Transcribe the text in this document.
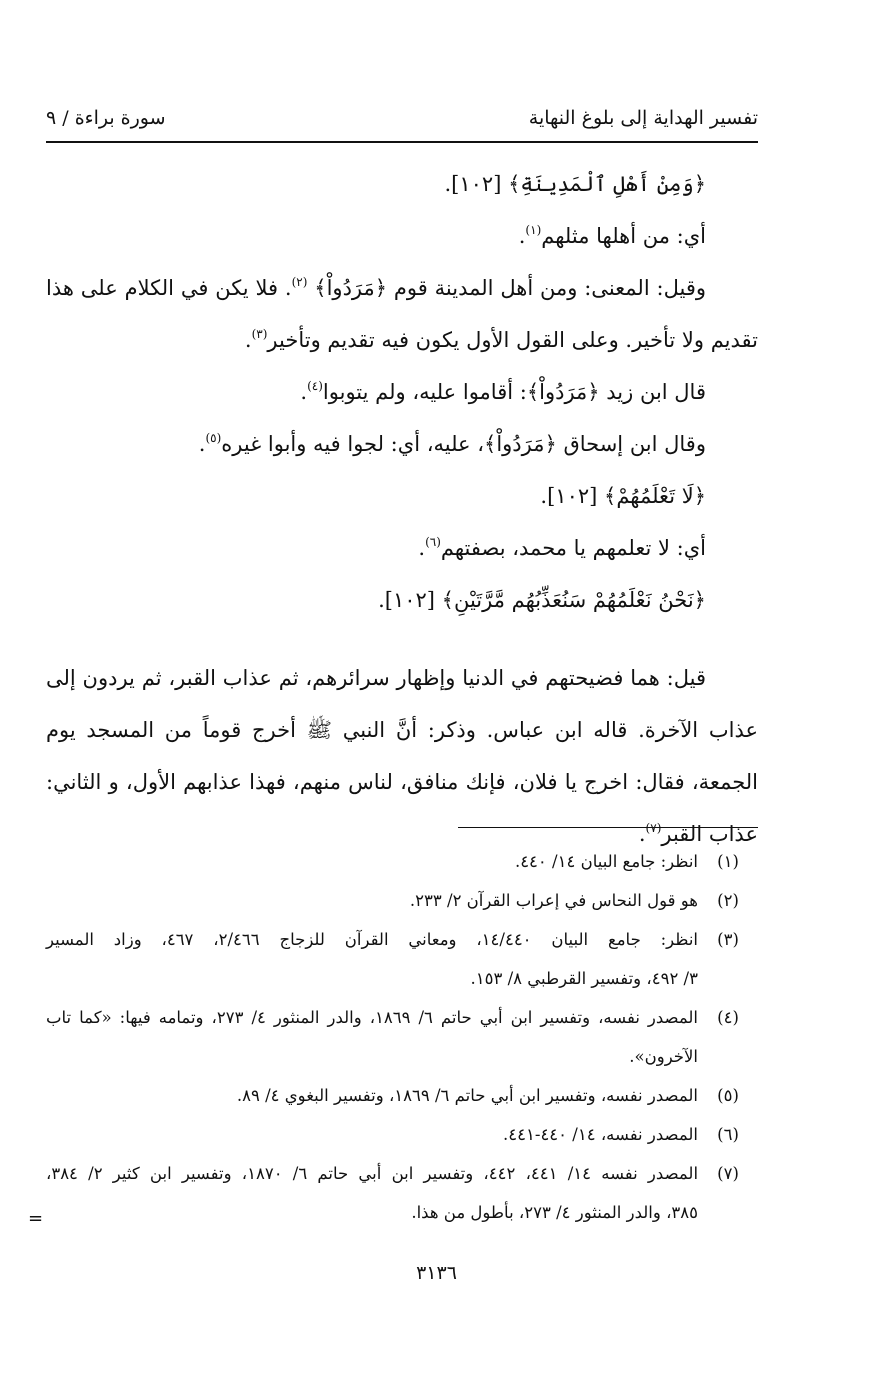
تفسير الهداية إلى بلوغ النهاية
سورة براءة / ٩
﴿وَمِنْ أَهْلِ ٱلْمَدِينَةِ﴾ [١٠٢].
أي: من أهلها مثلهم$^{(١)}$.
وقيل: المعنى: ومن أهل المدينة قوم ﴿مَرَدُواْ﴾ $^{(٢)}$. فلا يكن في الكلام على هذا
تقديم ولا تأخير. وعلى القول الأول يكون فيه تقديم وتأخير$^{(٣)}$.
قال ابن زيد ﴿مَرَدُواْ﴾: أقاموا عليه، ولم يتوبوا$^{(٤)}$.
وقال ابن إسحاق ﴿مَرَدُواْ﴾، عليه، أي: لجوا فيه وأبوا غيره$^{(٥)}$.
﴿لَا تَعْلَمُهُمْ﴾ [١٠٢].
أي: لا تعلمهم يا محمد، بصفتهم$^{(٦)}$.
﴿نَحْنُ نَعْلَمُهُمْ سَنُعَذِّبُهُم مَّرَّتَيْنِ﴾ [١٠٢].
قيل: هما فضيحتهم في الدنيا وإظهار سرائرهم، ثم عذاب القبر، ثم يردون إلى
عذاب الآخرة. قاله ابن عباس. وذكر: أنَّ النبي ﷺ أخرج قوماً من المسجد يوم
الجمعة، فقال: اخرج يا فلان، فإنك منافق، لناس منهم، فهذا عذابهم الأول، و الثاني:
عذاب القبر$^{(٧)}$.
(١)
انظر: جامع البيان ١٤/ ٤٤٠.
(٢)
هو قول النحاس في إعراب القرآن ٢/ ٢٣٣.
(٣)
انظر: جامع البيان ١٤/٤٤٠، ومعاني القرآن للزجاج ٢/٤٦٦، ٤٦٧، وزاد المسير
٣/ ٤٩٢، وتفسير القرطبي ٨/ ١٥٣.
(٤)
المصدر نفسه، وتفسير ابن أبي حاتم ٦/ ١٨٦٩، والدر المنثور ٤/ ٢٧٣، وتمامه فيها: «كما تاب
الآخرون».
(٥)
المصدر نفسه، وتفسير ابن أبي حاتم ٦/ ١٨٦٩، وتفسير البغوي ٤/ ٨٩.
(٦)
المصدر نفسه، ١٤/ ٤٤٠-٤٤١.
(٧)
المصدر نفسه ١٤/ ٤٤١، ٤٤٢، وتفسير ابن أبي حاتم ٦/ ١٨٧٠، وتفسير ابن كثير ٢/ ٣٨٤،
٣٨٥، والدر المنثور ٤/ ٢٧٣، بأطول من هذا.
=
٣١٣٦
